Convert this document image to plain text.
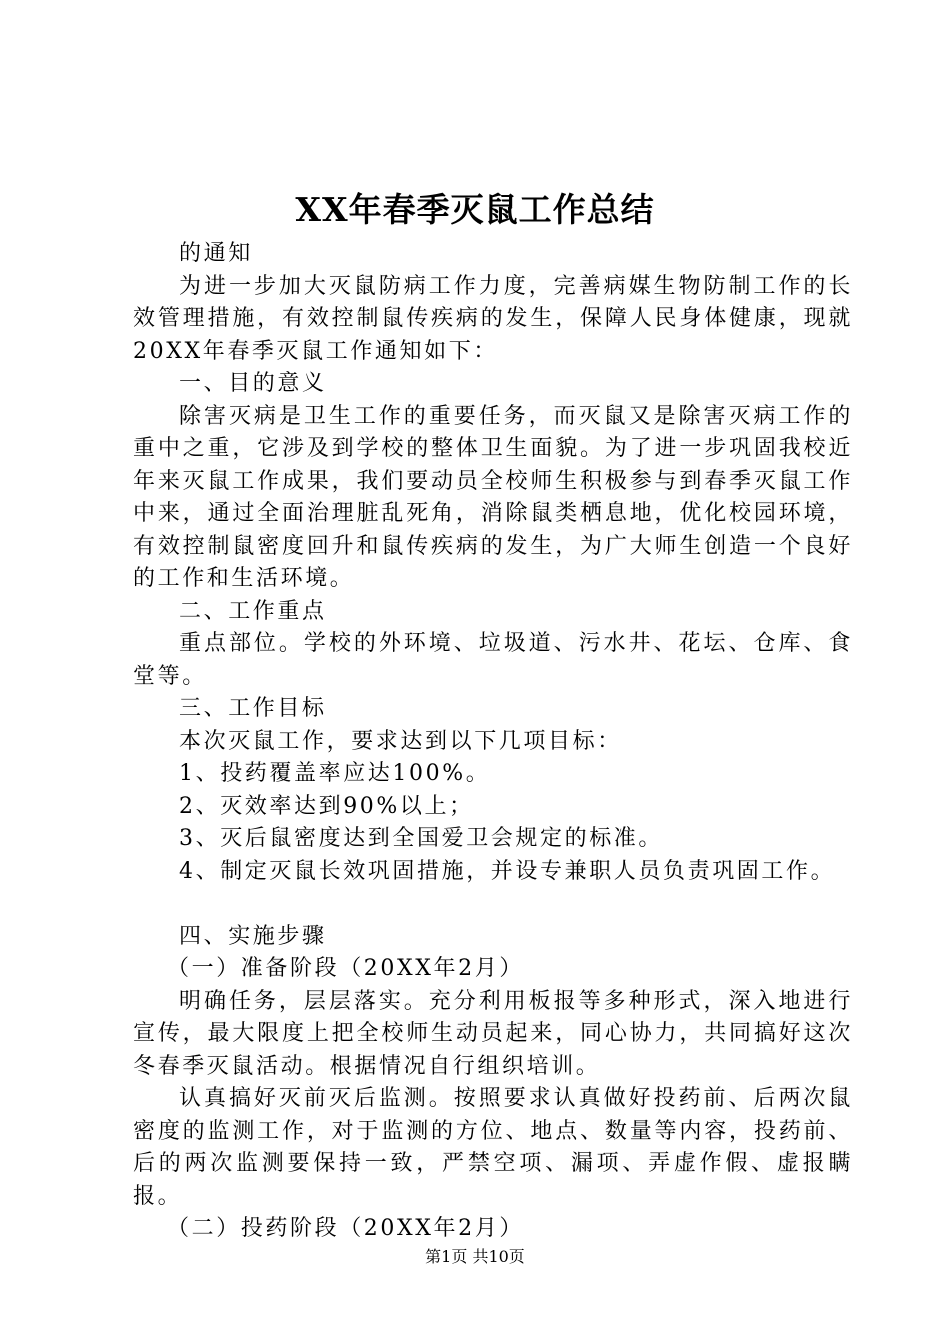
XX年春季灭鼠工作总结

的通知

为进一步加大灭鼠防病工作力度，完善病媒生物防制工作的长效管理措施，有效控制鼠传疾病的发生，保障人民身体健康，现就20XX年春季灭鼠工作通知如下：

一、目的意义

除害灭病是卫生工作的重要任务，而灭鼠又是除害灭病工作的重中之重，它涉及到学校的整体卫生面貌。为了进一步巩固我校近年来灭鼠工作成果，我们要动员全校师生积极参与到春季灭鼠工作中来，通过全面治理脏乱死角，消除鼠类栖息地，优化校园环境，有效控制鼠密度回升和鼠传疾病的发生，为广大师生创造一个良好的工作和生活环境。

二、工作重点

重点部位。学校的外环境、垃圾道、污水井、花坛、仓库、食堂等。

三、工作目标

本次灭鼠工作，要求达到以下几项目标：

1、投药覆盖率应达100%。

2、灭效率达到90%以上；

3、灭后鼠密度达到全国爱卫会规定的标准。

4、制定灭鼠长效巩固措施，并设专兼职人员负责巩固工作。

四、实施步骤

（一）准备阶段（20XX年2月）

明确任务，层层落实。充分利用板报等多种形式，深入地进行宣传，最大限度上把全校师生动员起来，同心协力，共同搞好这次冬春季灭鼠活动。根据情况自行组织培训。

认真搞好灭前灭后监测。按照要求认真做好投药前、后两次鼠密度的监测工作，对于监测的方位、地点、数量等内容，投药前、后的两次监测要保持一致，严禁空项、漏项、弄虚作假、虚报瞒报。

（二）投药阶段（20XX年2月）

第1页 共10页
